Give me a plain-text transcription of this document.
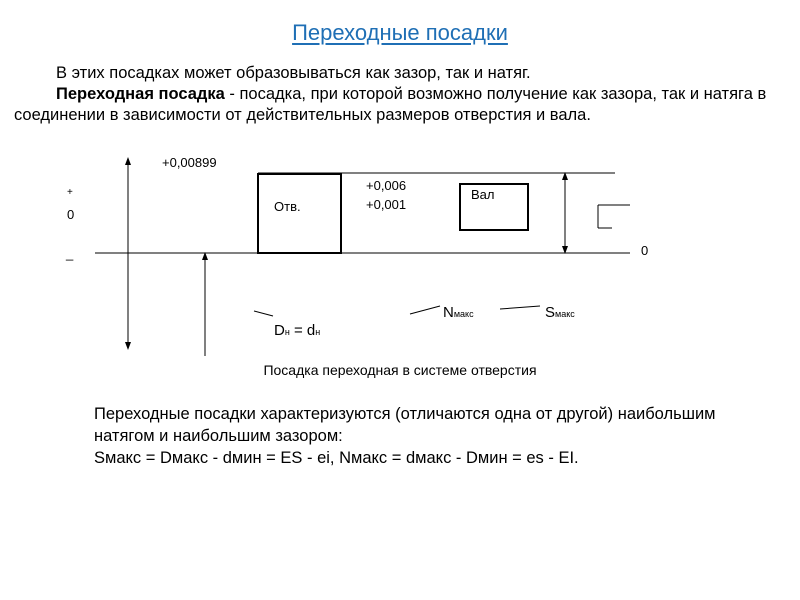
Переходные посадки

В этих посадках может образовываться как зазор, так и натяг.

Переходная посадка - посадка, при которой возможно получение как зазора, так и натяга в соединении в зависимости от действительных размеров отверстия и вала.

+0,00899
+
0
_
Отв.
+0,006
+0,001
Вал
0
Dн = dн
Nмакс	Sмакс
Посадка переходная в системе отверстия

Переходные посадки характеризуются (отличаются одна от другой) наибольшим натягом и наибольшим зазором:

Sмакс = Dмакс - dмин = ES - ei, Nмакс = dмакс - Dмин = es - EI.
